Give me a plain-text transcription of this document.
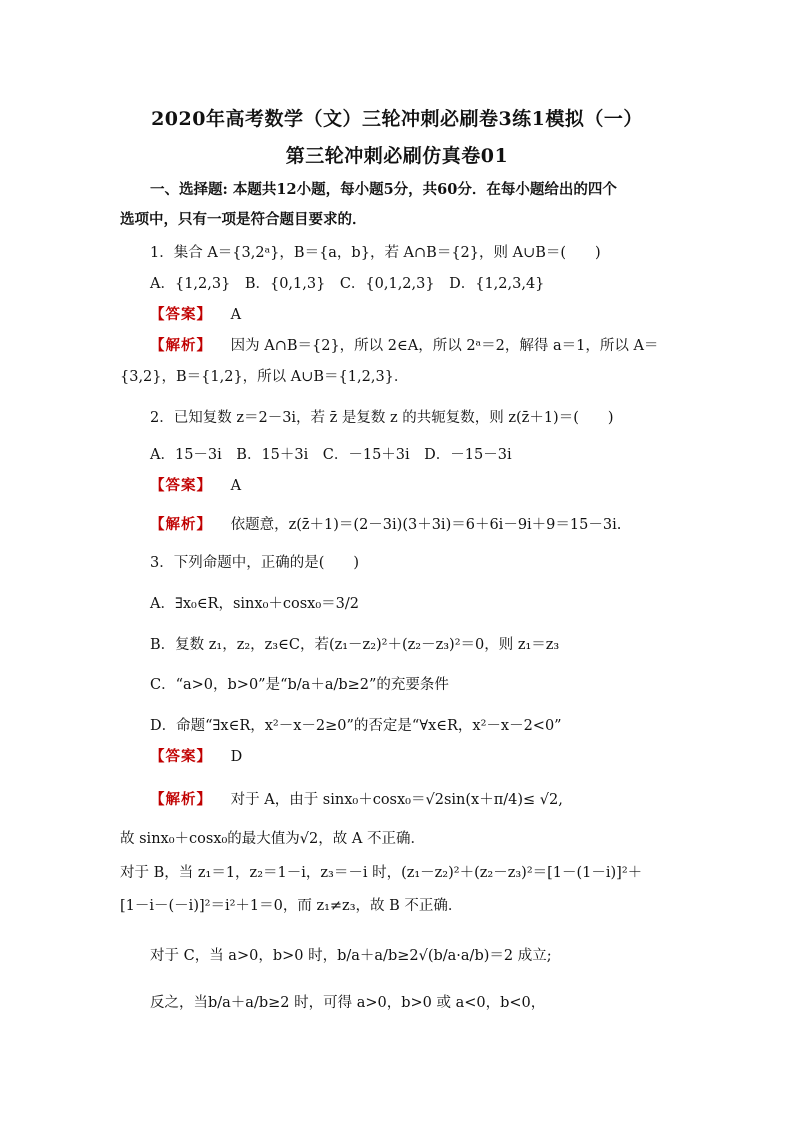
2020年高考数学（文）三轮冲刺必刷卷3练1模拟（一）
第三轮冲刺必刷仿真卷01
一、选择题: 本题共12小题，每小题5分，共60分．在每小题给出的四个
选项中，只有一项是符合题目要求的．
1．集合 A＝{3,2ᵃ}，B＝{a，b}，若 A∩B＝{2}，则 A∪B＝(　　)
A．{1,2,3}　B．{0,1,3}　C．{0,1,2,3}　D．{1,2,3,4}
【答案】 A
【解析】 因为 A∩B＝{2}，所以 2∈A，所以 2ᵃ＝2，解得 a＝1，所以 A＝
{3,2}，B＝{1,2}，所以 A∪B＝{1,2,3}．
2．已知复数 z＝2－3i，若 z̄ 是复数 z 的共轭复数，则 z(z̄＋1)＝(　　)
A．15－3i　B．15＋3i　C．－15＋3i　D．－15－3i
【答案】 A
【解析】 依题意，z(z̄＋1)＝(2－3i)(3＋3i)＝6＋6i－9i＋9＝15－3i.
3．下列命题中，正确的是(　　)
A．∃x₀∈R，sinx₀＋cosx₀＝3/2
B．复数 z₁，z₂，z₃∈C，若(z₁－z₂)²＋(z₂－z₃)²＝0，则 z₁＝z₃
C．“a>0，b>0”是“b/a＋a/b≥2”的充要条件
D．命题“∃x∈R，x²－x－2≥0”的否定是“∀x∈R，x²－x－2<0”
【答案】 D
【解析】 对于 A，由于 sinx₀＋cosx₀＝√2sin(x＋π/4)≤ √2,
故 sinx₀＋cosx₀的最大值为√2，故 A 不正确．
对于 B，当 z₁＝1，z₂＝1－i，z₃＝－i 时，(z₁－z₂)²＋(z₂－z₃)²＝[1－(1－i)]²＋
[1－i－(－i)]²＝i²＋1＝0，而 z₁≠z₃，故 B 不正确．
对于 C，当 a>0，b>0 时，b/a＋a/b≥2√(b/a·a/b)＝2 成立;
反之，当b/a＋a/b≥2 时，可得 a>0，b>0 或 a<0，b<0，
